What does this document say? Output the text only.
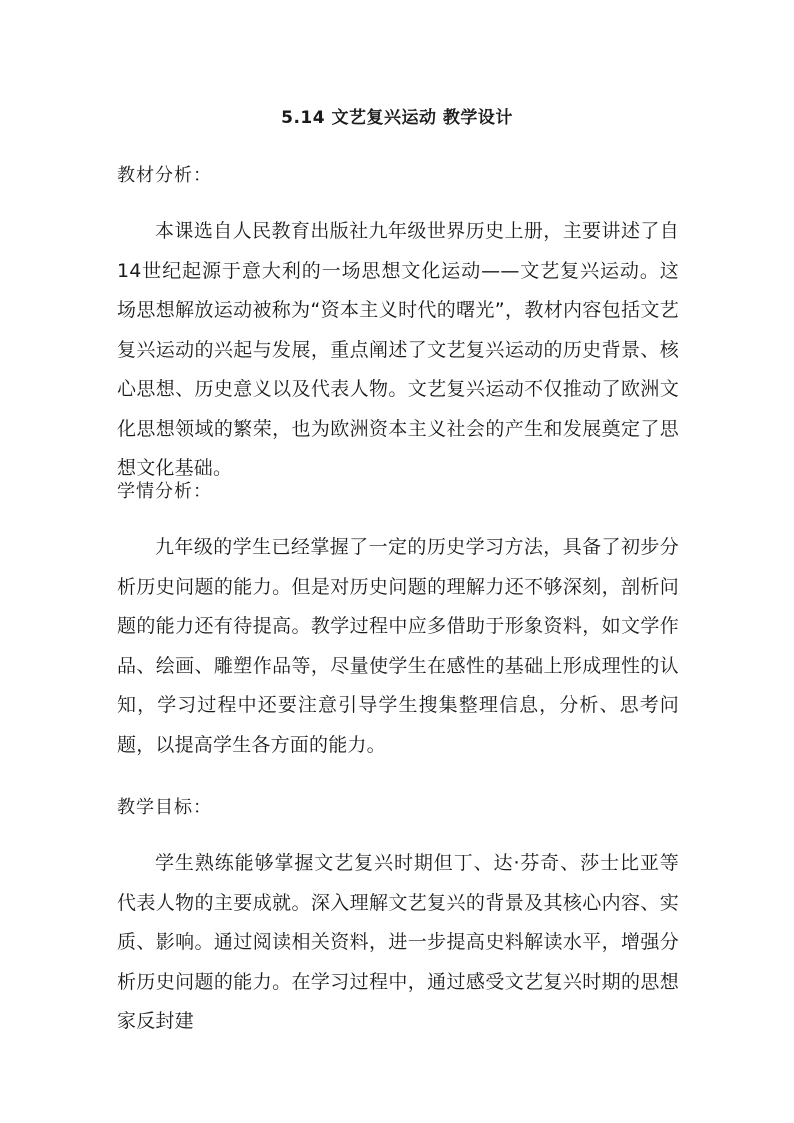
5.14 文艺复兴运动 教学设计
教材分析：
本课选自人民教育出版社九年级世界历史上册，主要讲述了自14世纪起源于意大利的一场思想文化运动——文艺复兴运动。这场思想解放运动被称为“资本主义时代的曙光”，教材内容包括文艺复兴运动的兴起与发展，重点阐述了文艺复兴运动的历史背景、核心思想、历史意义以及代表人物。文艺复兴运动不仅推动了欧洲文化思想领域的繁荣，也为欧洲资本主义社会的产生和发展奠定了思想文化基础。
学情分析：
九年级的学生已经掌握了一定的历史学习方法，具备了初步分析历史问题的能力。但是对历史问题的理解力还不够深刻，剖析问题的能力还有待提高。教学过程中应多借助于形象资料，如文学作品、绘画、雕塑作品等，尽量使学生在感性的基础上形成理性的认知，学习过程中还要注意引导学生搜集整理信息，分析、思考问题，以提高学生各方面的能力。
教学目标：
学生熟练能够掌握文艺复兴时期但丁、达·芬奇、莎士比亚等代表人物的主要成就。深入理解文艺复兴的背景及其核心内容、实质、影响。通过阅读相关资料，进一步提高史料解读水平，增强分析历史问题的能力。在学习过程中，通过感受文艺复兴时期的思想家反封建
